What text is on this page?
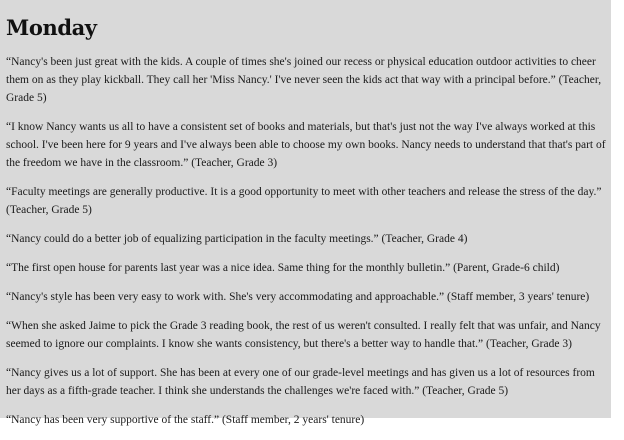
Monday
“Nancy's been just great with the kids. A couple of times she's joined our recess or physical education outdoor activities to cheer them on as they play kickball. They call her 'Miss Nancy.' I've never seen the kids act that way with a principal before.” (Teacher, Grade 5)
“I know Nancy wants us all to have a consistent set of books and materials, but that's just not the way I've always worked at this school. I've been here for 9 years and I've always been able to choose my own books. Nancy needs to understand that that's part of the freedom we have in the classroom.” (Teacher, Grade 3)
“Faculty meetings are generally productive. It is a good opportunity to meet with other teachers and release the stress of the day.” (Teacher, Grade 5)
“Nancy could do a better job of equalizing participation in the faculty meetings.” (Teacher, Grade 4)
“The first open house for parents last year was a nice idea. Same thing for the monthly bulletin.” (Parent, Grade-6 child)
“Nancy's style has been very easy to work with. She's very accommodating and approachable.” (Staff member, 3 years' tenure)
“When she asked Jaime to pick the Grade 3 reading book, the rest of us weren't consulted. I really felt that was unfair, and Nancy seemed to ignore our complaints. I know she wants consistency, but there's a better way to handle that.” (Teacher, Grade 3)
“Nancy gives us a lot of support. She has been at every one of our grade-level meetings and has given us a lot of resources from her days as a fifth-grade teacher. I think she understands the challenges we're faced with.” (Teacher, Grade 5)
“Nancy has been very supportive of the staff.” (Staff member, 2 years' tenure)
